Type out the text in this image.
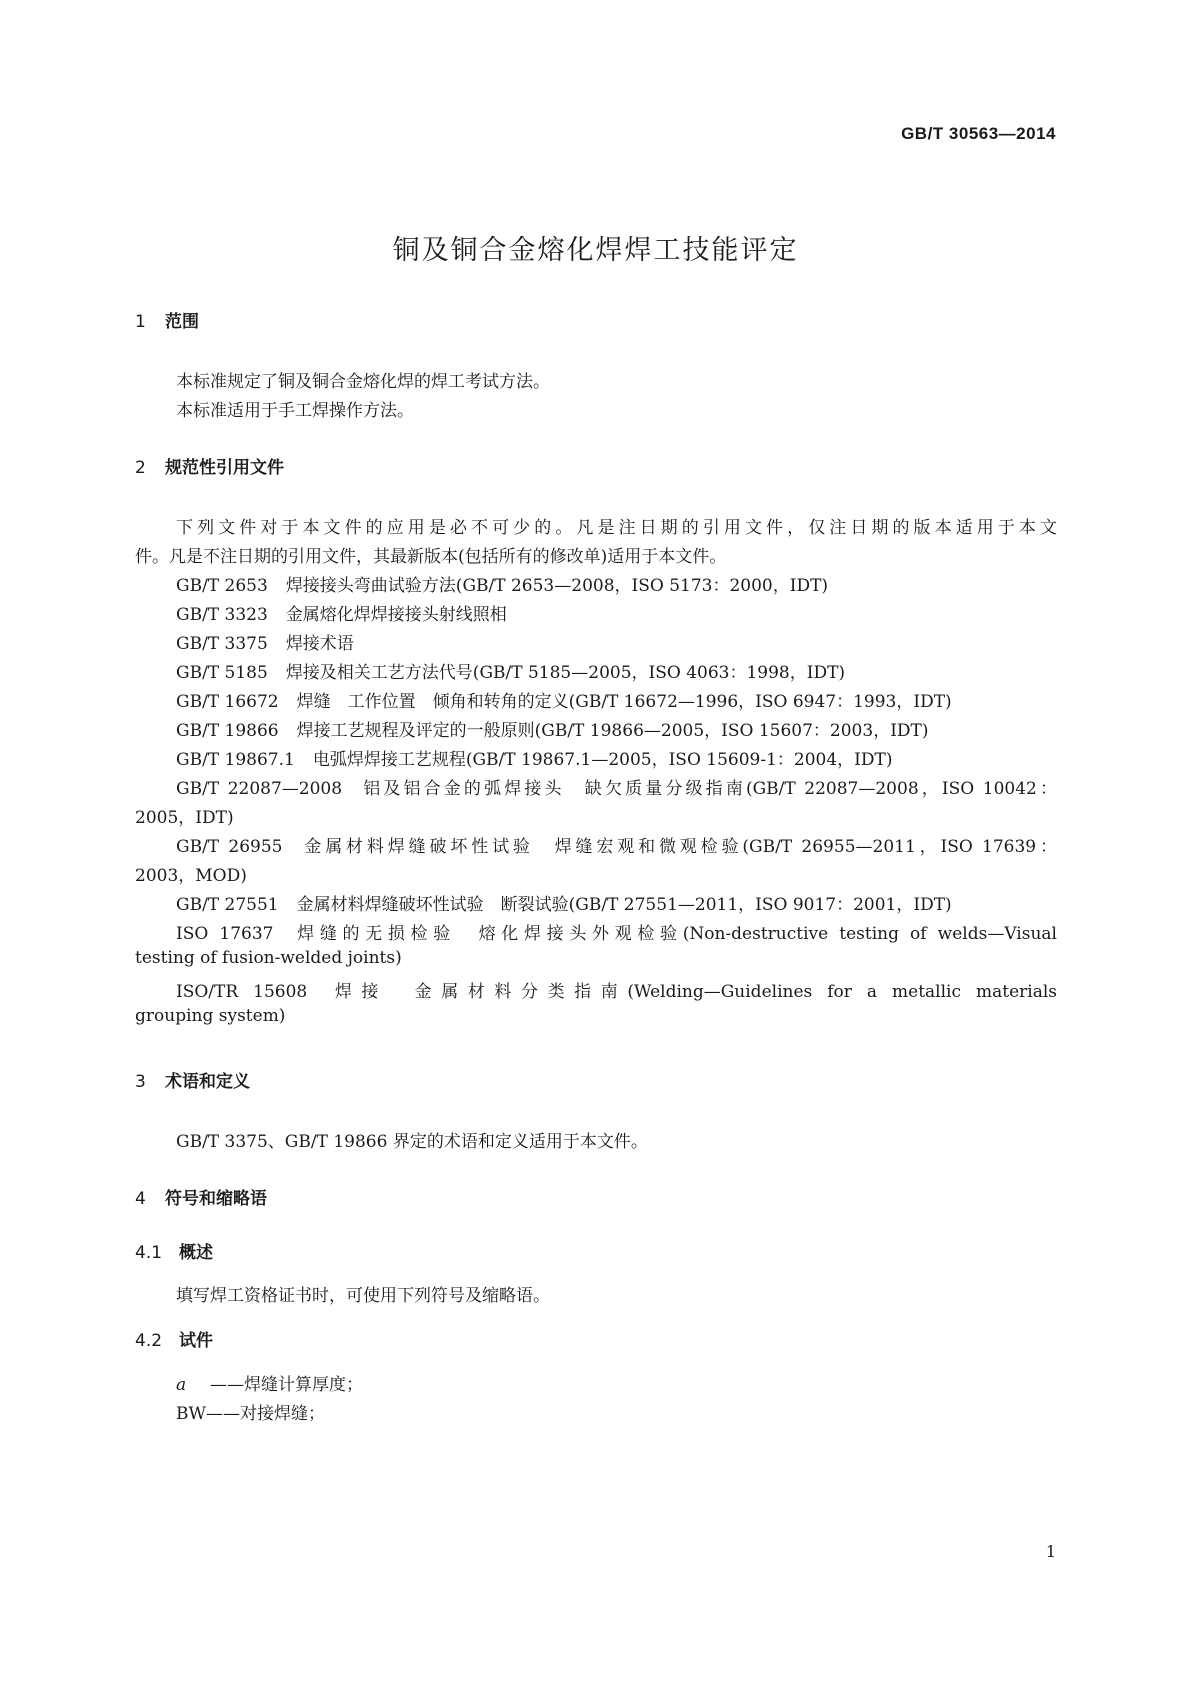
GB/T 30563—2014
铜及铜合金熔化焊焊工技能评定
1 范围
本标准规定了铜及铜合金熔化焊的焊工考试方法。
本标准适用于手工焊操作方法。
2 规范性引用文件
下列文件对于本文件的应用是必不可少的。凡是注日期的引用文件，仅注日期的版本适用于本文
件。凡是不注日期的引用文件，其最新版本(包括所有的修改单)适用于本文件。
GB/T 2653 焊接接头弯曲试验方法(GB/T 2653—2008，ISO 5173：2000，IDT)
GB/T 3323 金属熔化焊焊接接头射线照相
GB/T 3375 焊接术语
GB/T 5185 焊接及相关工艺方法代号(GB/T 5185—2005，ISO 4063：1998，IDT)
GB/T 16672 焊缝　工作位置　倾角和转角的定义(GB/T 16672—1996，ISO 6947：1993，IDT)
GB/T 19866 焊接工艺规程及评定的一般原则(GB/T 19866—2005，ISO 15607：2003，IDT)
GB/T 19867.1 电弧焊焊接工艺规程(GB/T 19867.1—2005，ISO 15609-1：2004，IDT)
GB/T 22087—2008 铝及铝合金的弧焊接头　缺欠质量分级指南(GB/T 22087—2008，ISO 10042：
2005，IDT)
GB/T 26955 金属材料焊缝破坏性试验　焊缝宏观和微观检验(GB/T 26955—2011，ISO 17639：
2003，MOD)
GB/T 27551 金属材料焊缝破坏性试验　断裂试验(GB/T 27551—2011，ISO 9017：2001，IDT)
ISO 17637 焊缝的无损检验　熔化焊接头外观检验(Non-destructive testing of welds—Visual
testing of fusion-welded joints)
ISO/TR 15608 焊接　金属材料分类指南(Welding—Guidelines for a metallic materials
grouping system)
3 术语和定义
GB/T 3375、GB/T 19866 界定的术语和定义适用于本文件。
4 符号和缩略语
4.1 概述
填写焊工资格证书时，可使用下列符号及缩略语。
4.2 试件
a ——焊缝计算厚度；
BW——对接焊缝；
1
